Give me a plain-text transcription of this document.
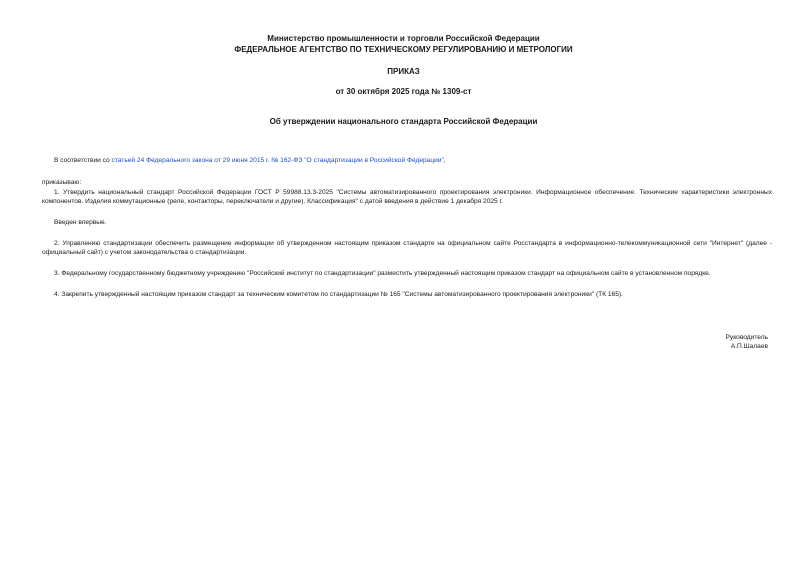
Министерство промышленности и торговли Российской Федерации
ФЕДЕРАЛЬНОЕ АГЕНТСТВО ПО ТЕХНИЧЕСКОМУ РЕГУЛИРОВАНИЮ И МЕТРОЛОГИИ
ПРИКАЗ
от 30 октября 2025 года № 1309-ст
Об утверждении национального стандарта Российской Федерации
В соответствии со статьей 24 Федерального закона от 29 июня 2015 г. № 162-ФЗ "О стандартизации в Российской Федерации",
приказываю:
1. Утвердить национальный стандарт Российской Федерации ГОСТ Р 59988.13.3-2025 "Системы автоматизированного проектирования электроники. Информационное обеспечение. Технические характеристики электронных компонентов. Изделия коммутационные (реле, контакторы, переключатели и другие). Классификация" с датой введения в действие 1 декабря 2025 г.
Введен впервые.
2. Управлению стандартизации обеспечить размещение информации об утвержденном настоящим приказом стандарте на официальном сайте Росстандарта в информационно-телекоммуникационной сети "Интернет" (далее - официальный сайт) с учетом законодательства о стандартизации.
3. Федеральному государственному бюджетному учреждению "Российский институт по стандартизации" разместить утвержденный настоящим приказом стандарт на официальном сайте в установленном порядке.
4. Закрепить утвержденный настоящим приказом стандарт за техническим комитетом по стандартизации № 165 "Системы автоматизированного проектирования электроники" (ТК 165).
Руководитель
А.П.Шалаев
